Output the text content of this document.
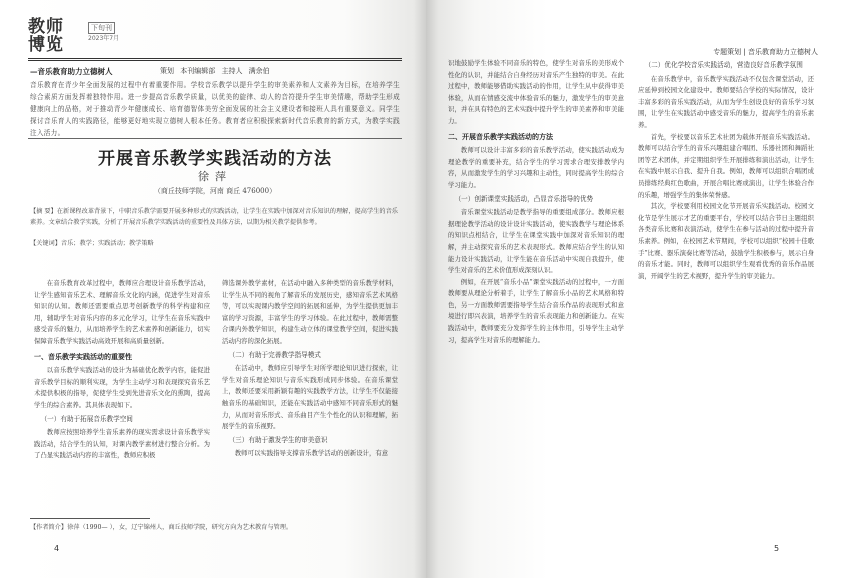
教师
博览
下旬刊
2023年7月
专题策划 | 音乐教育助力立德树人
—音乐教育助力立德树人	策划 本刊编辑部 主持人 满余伯
音乐教育在青少年全面发展的过程中有着重要作用。学校音乐教学以提升学生的审美素养和人文素养为目标，在培养学生综合素质方面发挥着独特作用。进一步提高音乐教学质量，以优美的旋律、动人的音符提升学生审美情趣，帮助学生形成健康向上的品格，对于推动青少年健康成长、培育德智体美劳全面发展的社会主义建设者和接班人具有重要意义。同学生探讨音乐育人的实践路径，能够更好地实现立德树人根本任务。教育者应积极探索新时代音乐教育的新方式，为教学实践注入活力。
开展音乐教学实践活动的方法
徐萍
（商丘技师学院，河南 商丘 476000）
【摘 要】在新课程改革背景下，中职音乐教学需要开展多种形式的实践活动，让学生在实践中加深对音乐知识的理解，提高学生的音乐素养。文章结合教学实践，分析了开展音乐教学实践活动的重要性及具体方法，以期为相关教学提供参考。
【关键词】音乐；教学；实践活动；教学策略

在音乐教育改革过程中，教师应合理设计音乐教学活动，让学生感知音乐艺术、理解音乐文化的内涵，促进学生对音乐知识的认知。教师还需要重点思考创新教学的科学构建和应用，辅助学生对音乐内容的多元化学习，让学生在音乐实践中感受音乐的魅力，从而培养学生的艺术素养和创新能力，切实保障音乐教学实践活动高效开展和高质量创新。

一、音乐教学实践活动的重要性

以音乐教学实践活动的设计为基础优化教学内容，能促进音乐教学目标的顺利实现，为学生主动学习和表现探究音乐艺术提供积极的指导，促使学生受到先进音乐文化的熏陶，提高学生的综合素养。其具体表现如下。

（一）有助于拓展音乐教学空间

教师应按照培养学生音乐素养的现实需求设计音乐教学实践活动，结合学生的认知，对课内教学素材进行整合分析。为了凸显实践活动内容的丰富性，教师应积极

筛选课外教学素材，在活动中融入多种类型的音乐教学材料，让学生从不同的视角了解音乐的发展历史，感知音乐艺术风格等，可以实现课内教学空间的拓展和延伸，为学生提供更加丰富的学习资源，丰富学生的学习体验。在此过程中，教师需整合课内外教学知识，构建生动立体的课堂教学空间，促进实践活动内容的深化拓展。

（二）有助于完善教学指导模式

在活动中，教师应引导学生对所学理论知识进行探索，让学生对音乐理论知识与音乐实践形成同步体验。在音乐课堂上，教师还要采用新颖有趣的实践教学方法，让学生不仅能接触音乐的基础知识，还能在实践活动中感知不同音乐形式的魅力，从而对音乐形式、音乐曲目产生个性化的认识和理解，拓展学生的音乐视野。

（三）有助于激发学生的审美意识

教师可以实践指导支撑音乐教学活动的创新设计，有意

【作者简介】徐萍（1990— ），女，辽宁锦州人，商丘技师学院，研究方向为艺术教育与管理。
4

识地鼓励学生体验不同音乐的特色，使学生对音乐的美形成个性化的认识，并能结合自身经历对音乐产生独特的审美。在此过程中，教师能够借助实践活动的作用，让学生从中获得审美体验，从而在情感交流中体验音乐的魅力，激发学生的审美意识，并在具有特色的艺术实践中提升学生的审美素养和审美能力。

二、开展音乐教学实践活动的方法

教师可以设计丰富多彩的音乐教学活动，使实践活动成为理论教学的重要补充，结合学生的学习需求合理安排教学内容，从而激发学生的学习兴趣和主动性，同时提高学生的综合学习能力。

（一）创新课堂实践活动，凸显音乐指导的优势

音乐课堂实践活动是教学指导的重要组成部分。教师应根据理论教学活动的设计设计实践活动，使实践教学与理论体系的知识点相结合，让学生在课堂实践中加深对音乐知识的理解，并主动探究音乐的艺术表现形式。教师应结合学生的认知能力设计实践活动，让学生能在音乐活动中实现自我提升，使学生对音乐的艺术价值形成深刻认识。

例如，在开展“音乐小品”课堂实践活动的过程中，一方面教师要从理论分析着手，让学生了解音乐小品的艺术风格和特色，另一方面教师需要指导学生结合音乐作品的表现形式和意境进行即兴表演，培养学生的音乐表现能力和创新能力。在实践活动中，教师要充分发挥学生的主体作用，引导学生主动学习，提高学生对音乐的理解能力。

（二）优化学校音乐实践活动，营造良好音乐教学氛围

在音乐教学中，音乐教学实践活动不仅包含课堂活动，还应延伸到校园文化建设中。教师要结合学校的实际情况，设计丰富多彩的音乐实践活动，从而为学生创设良好的音乐学习氛围，让学生在实践活动中感受音乐的魅力，提高学生的音乐素养。

首先，学校要以音乐艺术社团为载体开展音乐实践活动。教师可以结合学生的音乐兴趣组建合唱团、乐器社团和舞蹈社团等艺术团体，并定期组织学生开展排练和演出活动，让学生在实践中展示自我、提升自我。例如，教师可以组织合唱团成员排练经典红色歌曲，开展合唱比赛或演出，让学生体验合作的乐趣，增强学生的集体荣誉感。

其次，学校要利用校园文化节开展音乐实践活动。校园文化节是学生展示才艺的重要平台，学校可以结合节日主题组织各类音乐比赛和表演活动，使学生在参与活动的过程中提升音乐素养。例如，在校园艺术节期间，学校可以组织“校园十佳歌手”比赛、器乐演奏比赛等活动，鼓励学生积极参与，展示自身的音乐才能。同时，教师可以组织学生观看优秀的音乐作品展演，开阔学生的艺术视野，提升学生的审美能力。

5
